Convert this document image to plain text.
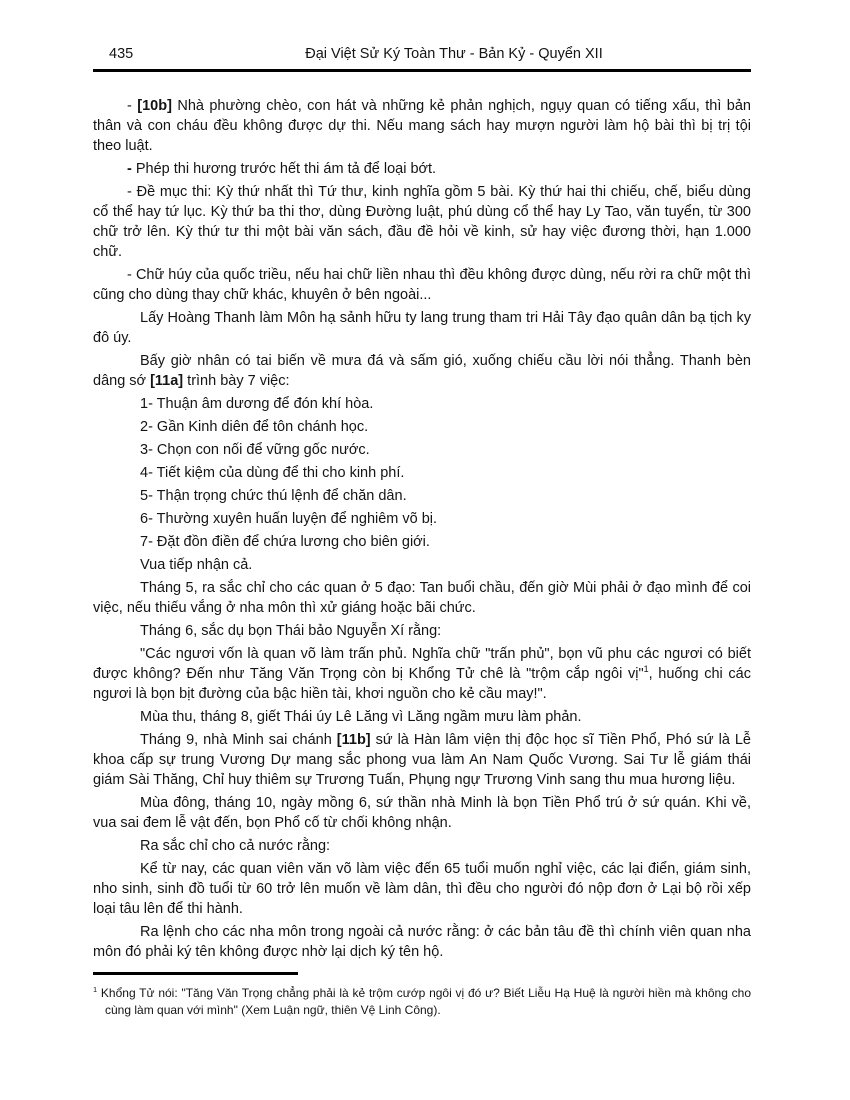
435	Đại Việt Sử Ký Toàn Thư - Bản Kỷ - Quyển XII

- [10b] Nhà phường chèo, con hát và những kẻ phản nghịch, ngụy quan có tiếng xấu, thì bản thân và con cháu đều không được dự thi. Nếu mang sách hay mượn người làm hộ bài thì bị trị tội theo luật.

- Phép thi hương trước hết thi ám tả để loại bớt.

- Đề mục thi: Kỳ thứ nhất thì Tứ thư, kinh nghĩa gồm 5 bài. Kỳ thứ hai thi chiếu, chế, biểu dùng cổ thể hay tứ lục. Kỳ thứ ba thi thơ, dùng Đường luật, phú dùng cổ thể hay Ly Tao, văn tuyển, từ 300 chữ trở lên. Kỳ thứ tư thi một bài văn sách, đầu đề hỏi về kinh, sử hay việc đương thời, hạn 1.000 chữ.

- Chữ húy của quốc triều, nếu hai chữ liền nhau thì đều không được dùng, nếu rời ra chữ một thì cũng cho dùng thay chữ khác, khuyên ở bên ngoài...

Lấy Hoàng Thanh làm Môn hạ sảnh hữu ty lang trung tham tri Hải Tây đạo quân dân bạ tịch ky đô úy.

Bấy giờ nhân có tai biến về mưa đá và sấm gió, xuống chiếu cầu lời nói thẳng. Thanh bèn dâng sớ [11a] trình bày 7 việc:

1- Thuận âm dương để đón khí hòa.

2- Gần Kinh diên để tôn chánh học.

3- Chọn con nối để vững gốc nước.

4- Tiết kiệm của dùng để thi cho kinh phí.

5- Thận trọng chức thú lệnh để chăn dân.

6- Thường xuyên huấn luyện để nghiêm võ bị.

7- Đặt đồn điền để chứa lương cho biên giới.

Vua tiếp nhận cả.

Tháng 5, ra sắc chỉ cho các quan ở 5 đạo: Tan buổi chầu, đến giờ Mùi phải ở đạo mình để coi việc, nếu thiếu vắng ở nha môn thì xử giáng hoặc bãi chức.

Tháng 6, sắc dụ bọn Thái bảo Nguyễn Xí rằng:

"Các ngươi vốn là quan võ làm trấn phủ. Nghĩa chữ "trấn phủ", bọn vũ phu các ngươi có biết được không? Đến như Tăng Văn Trọng còn bị Khổng Tử chê là "trộm cắp ngôi vị"$^1$, huống chi các ngươi là bọn bịt đường của bậc hiền tài, khơi nguồn cho kẻ cầu may!".

Mùa thu, tháng 8, giết Thái úy Lê Lăng vì Lăng ngầm mưu làm phản.

Tháng 9, nhà Minh sai chánh [11b] sứ là Hàn lâm viện thị độc học sĩ Tiền Phổ, Phó sứ là Lễ khoa cấp sự trung Vương Dự mang sắc phong vua làm An Nam Quốc Vương. Sai Tư lễ giám thái giám Sài Thăng, Chỉ huy thiêm sự Trương Tuấn, Phụng ngự Trương Vinh sang thu mua hương liệu.

Mùa đông, tháng 10, ngày mồng 6, sứ thần nhà Minh là bọn Tiền Phổ trú ở sứ quán. Khi về, vua sai đem lễ vật đến, bọn Phổ cố từ chối không nhận.

Ra sắc chỉ cho cả nước rằng:

Kể từ nay, các quan viên văn võ làm việc đến 65 tuổi muốn nghỉ việc, các lại điển, giám sinh, nho sinh, sinh đồ tuổi từ 60 trở lên muốn về làm dân, thì đều cho người đó nộp đơn ở Lại bộ rồi xếp loại tâu lên để thi hành.

Ra lệnh cho các nha môn trong ngoài cả nước rằng: ở các bản tâu đề thì chính viên quan nha môn đó phải ký tên không được nhờ lại dịch ký tên hộ.

$^1$ Khổng Tử nói: "Tăng Văn Trọng chẳng phải là kẻ trộm cướp ngôi vị đó ư? Biết Liễu Hạ Huệ là người hiền mà không cho cùng làm quan với mình" (Xem Luận ngữ, thiên Vệ Linh Công).
